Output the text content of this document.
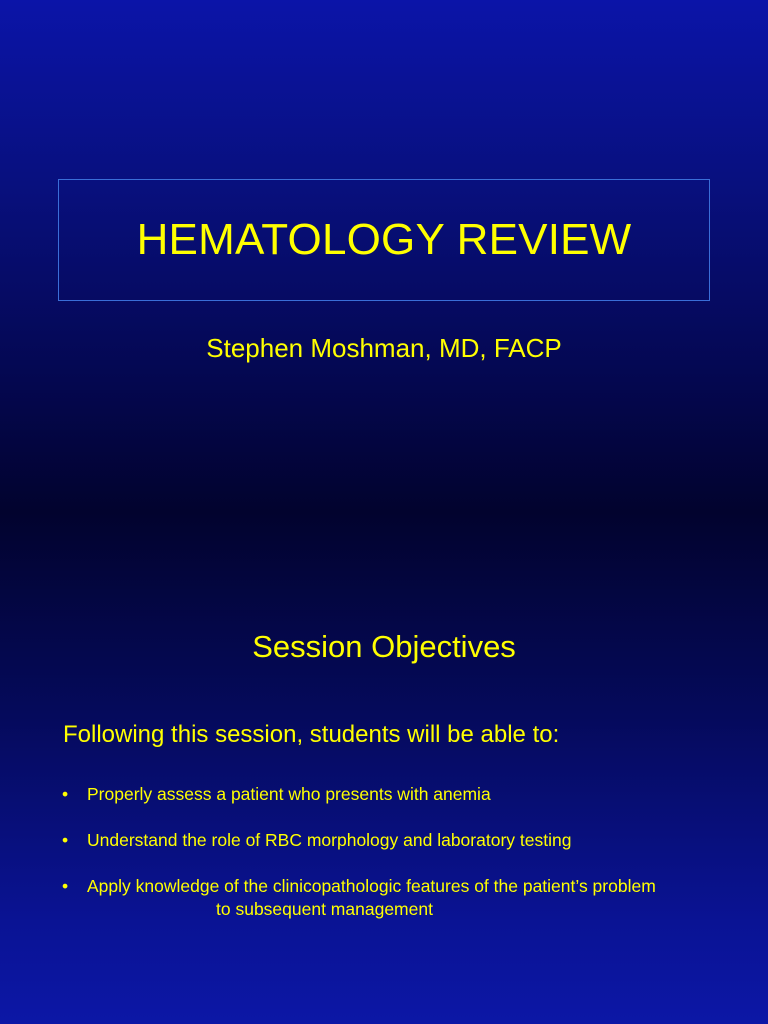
HEMATOLOGY REVIEW
Stephen Moshman, MD, FACP
Session Objectives
Following this session, students will be able to:
•	Properly assess a patient who presents with anemia
•	Understand the role of RBC morphology and laboratory testing
•	Apply knowledge of the clinicopathologic features of the patient’s problem
to subsequent management
